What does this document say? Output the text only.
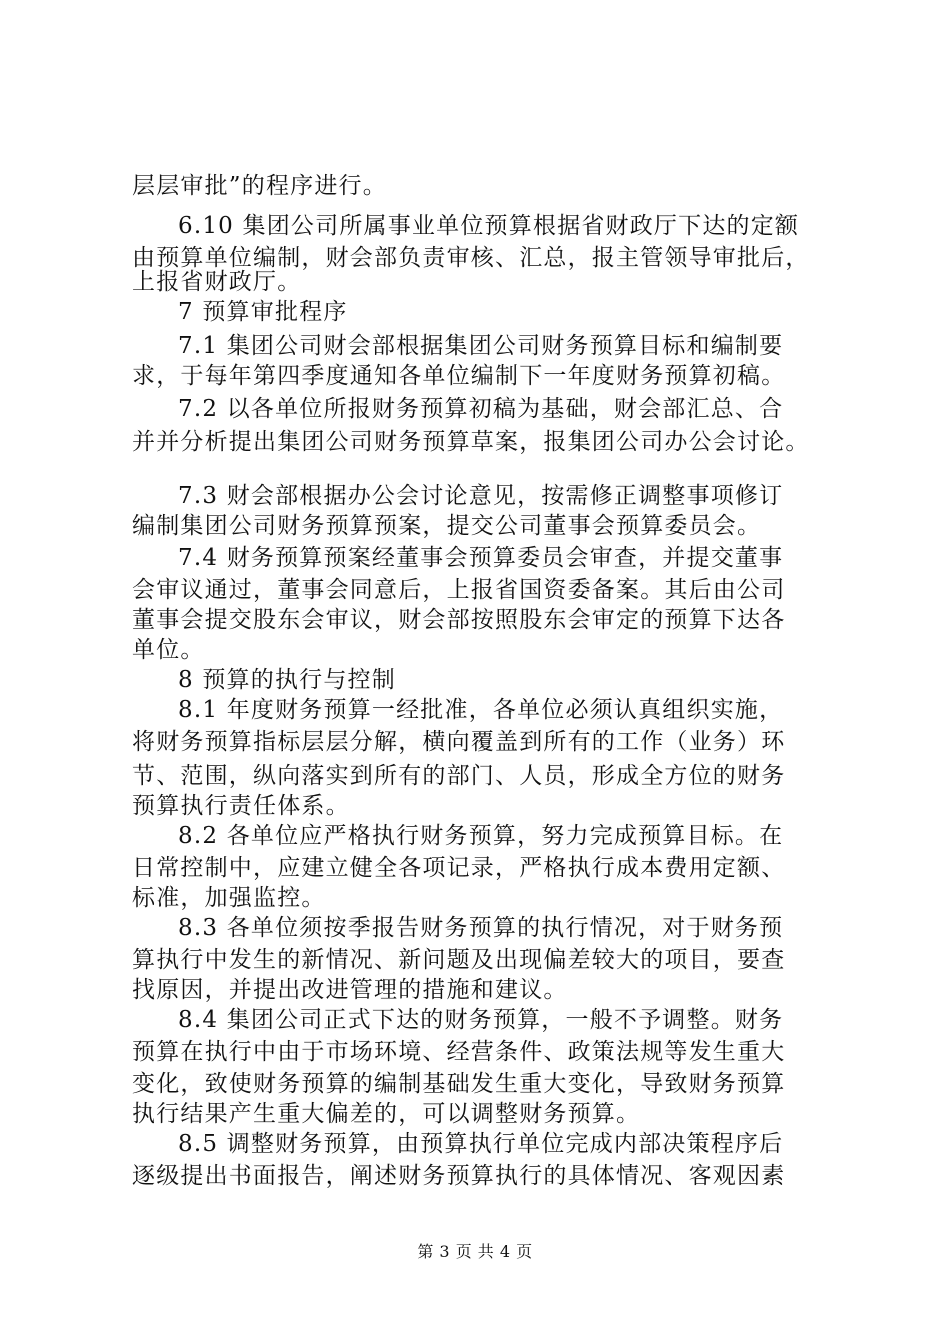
层层审批”的程序进行。
6.10 集团公司所属事业单位预算根据省财政厅下达的定额
由预算单位编制，财会部负责审核、汇总，报主管领导审批后，
上报省财政厅。
7 预算审批程序
7.1 集团公司财会部根据集团公司财务预算目标和编制要
求，于每年第四季度通知各单位编制下一年度财务预算初稿。
7.2 以各单位所报财务预算初稿为基础，财会部汇总、合
并并分析提出集团公司财务预算草案，报集团公司办公会讨论。
7.3 财会部根据办公会讨论意见，按需修正调整事项修订
编制集团公司财务预算预案，提交公司董事会预算委员会。
7.4 财务预算预案经董事会预算委员会审查，并提交董事
会审议通过，董事会同意后，上报省国资委备案。其后由公司
董事会提交股东会审议，财会部按照股东会审定的预算下达各
单位。
8 预算的执行与控制
8.1 年度财务预算一经批准，各单位必须认真组织实施，
将财务预算指标层层分解，横向覆盖到所有的工作（业务）环
节、范围，纵向落实到所有的部门、人员，形成全方位的财务
预算执行责任体系。
8.2 各单位应严格执行财务预算，努力完成预算目标。在
日常控制中，应建立健全各项记录，严格执行成本费用定额、
标准，加强监控。
8.3 各单位须按季报告财务预算的执行情况，对于财务预
算执行中发生的新情况、新问题及出现偏差较大的项目，要查
找原因，并提出改进管理的措施和建议。
8.4 集团公司正式下达的财务预算，一般不予调整。财务
预算在执行中由于市场环境、经营条件、政策法规等发生重大
变化，致使财务预算的编制基础发生重大变化，导致财务预算
执行结果产生重大偏差的，可以调整财务预算。
8.5 调整财务预算，由预算执行单位完成内部决策程序后
逐级提出书面报告，阐述财务预算执行的具体情况、客观因素
第 3 页 共 4 页
